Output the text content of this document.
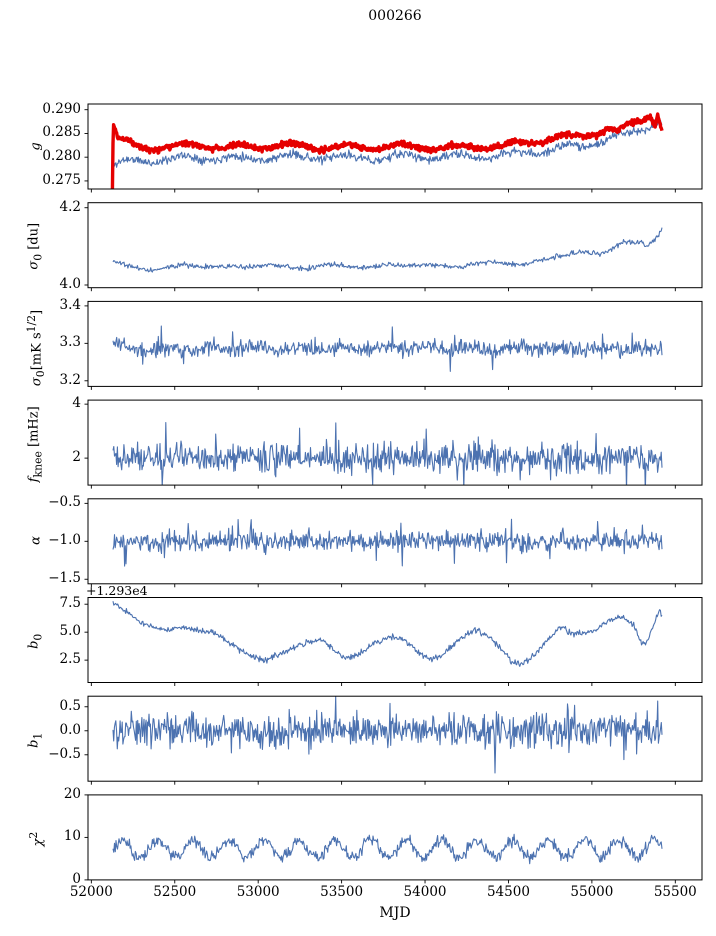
000266
0.275
0.280
0.285
0.290
g
4.0
4.2
$\sigma_0$ [du]
3.2
3.3
3.4
$\sigma_0[mK$ $s^{1/2}$]
2
4
$f_{knee}$ [mHz]
−1.5
−1.0
−0.5
α
2.5
5.0
7.5
$b_0$
+1.293e4
−0.5
0.0
0.5
$b_1$
0
10
20
$\chi^2$
52000	52500	53000	53500	54000	54500	55000	55500
MJD
